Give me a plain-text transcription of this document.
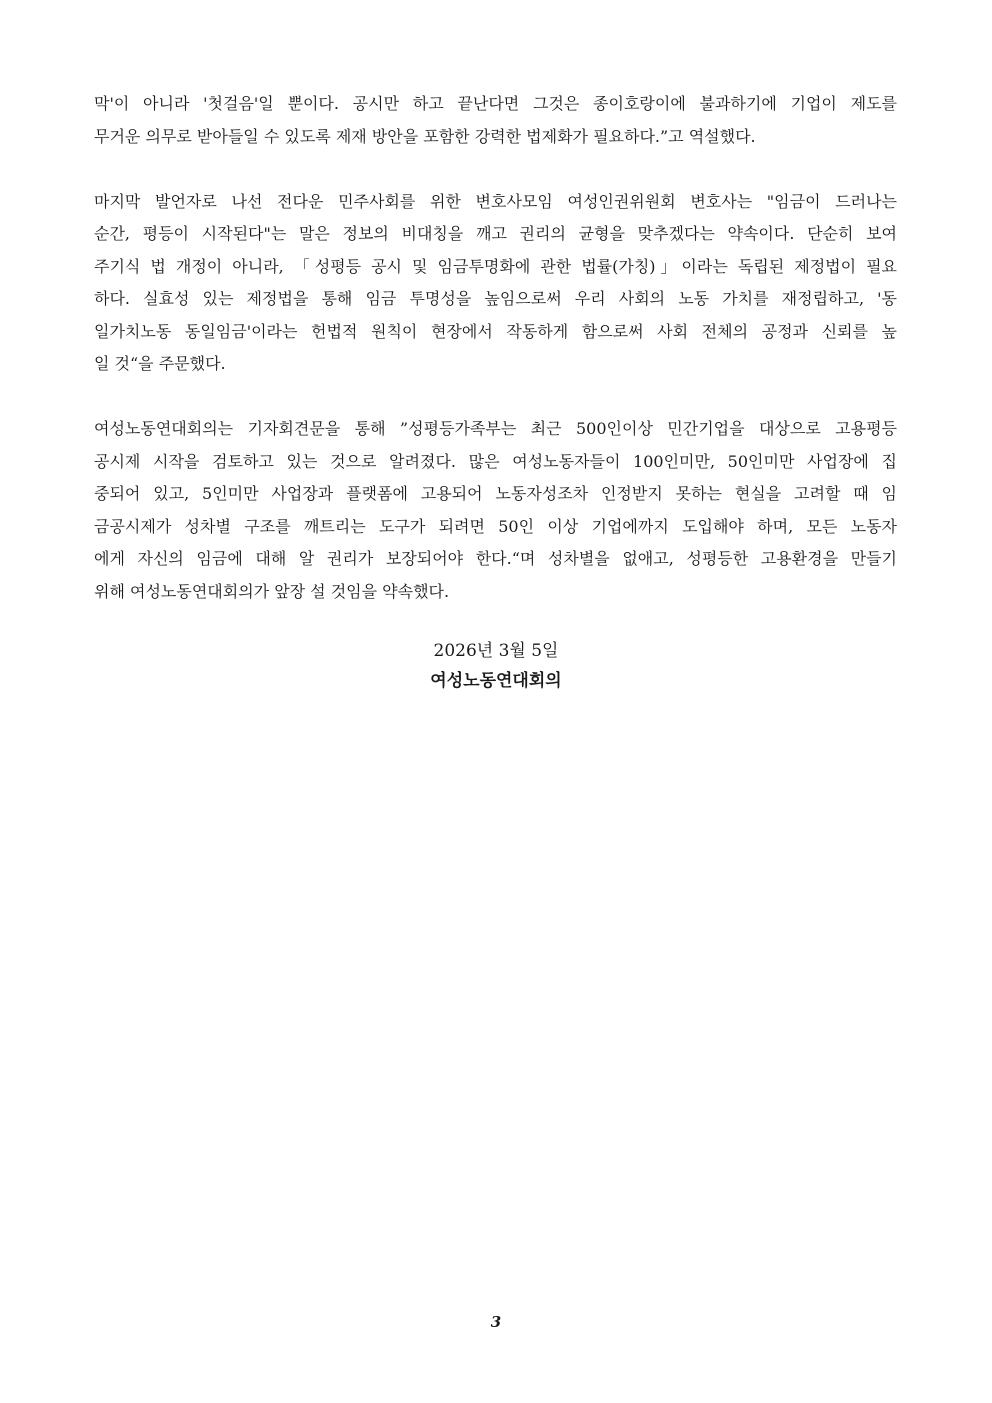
막'이 아니라 '첫걸음'일 뿐이다. 공시만 하고 끝난다면 그것은 종이호랑이에 불과하기에 기업이 제도를
무거운 의무로 받아들일 수 있도록 제재 방안을 포함한 강력한 법제화가 필요하다.”고 역설했다.

마지막 발언자로 나선 전다운 민주사회를 위한 변호사모임 여성인권위원회 변호사는 "임금이 드러나는
순간, 평등이 시작된다"는 말은 정보의 비대칭을 깨고 권리의 균형을 맞추겠다는 약속이다. 단순히 보여
주기식 법 개정이 아니라, 「성평등 공시 및 임금투명화에 관한 법률(가칭)」이라는 독립된 제정법이 필요
하다. 실효성 있는 제정법을 통해 임금 투명성을 높임으로써 우리 사회의 노동 가치를 재정립하고, '동
일가치노동 동일임금'이라는 헌법적 원칙이 현장에서 작동하게 함으로써 사회 전체의 공정과 신뢰를 높
일 것“을 주문했다.

여성노동연대회의는 기자회견문을 통해 ”성평등가족부는 최근 500인이상 민간기업을 대상으로 고용평등
공시제 시작을 검토하고 있는 것으로 알려졌다. 많은 여성노동자들이 100인미만, 50인미만 사업장에 집
중되어 있고, 5인미만 사업장과 플랫폼에 고용되어 노동자성조차 인정받지 못하는 현실을 고려할 때 임
금공시제가 성차별 구조를 깨트리는 도구가 되려면 50인 이상 기업에까지 도입해야 하며, 모든 노동자
에게 자신의 임금에 대해 알 권리가 보장되어야 한다.“며 성차별을 없애고, 성평등한 고용환경을 만들기
위해 여성노동연대회의가 앞장 설 것임을 약속했다.

2026년 3월 5일
여성노동연대회의
3
